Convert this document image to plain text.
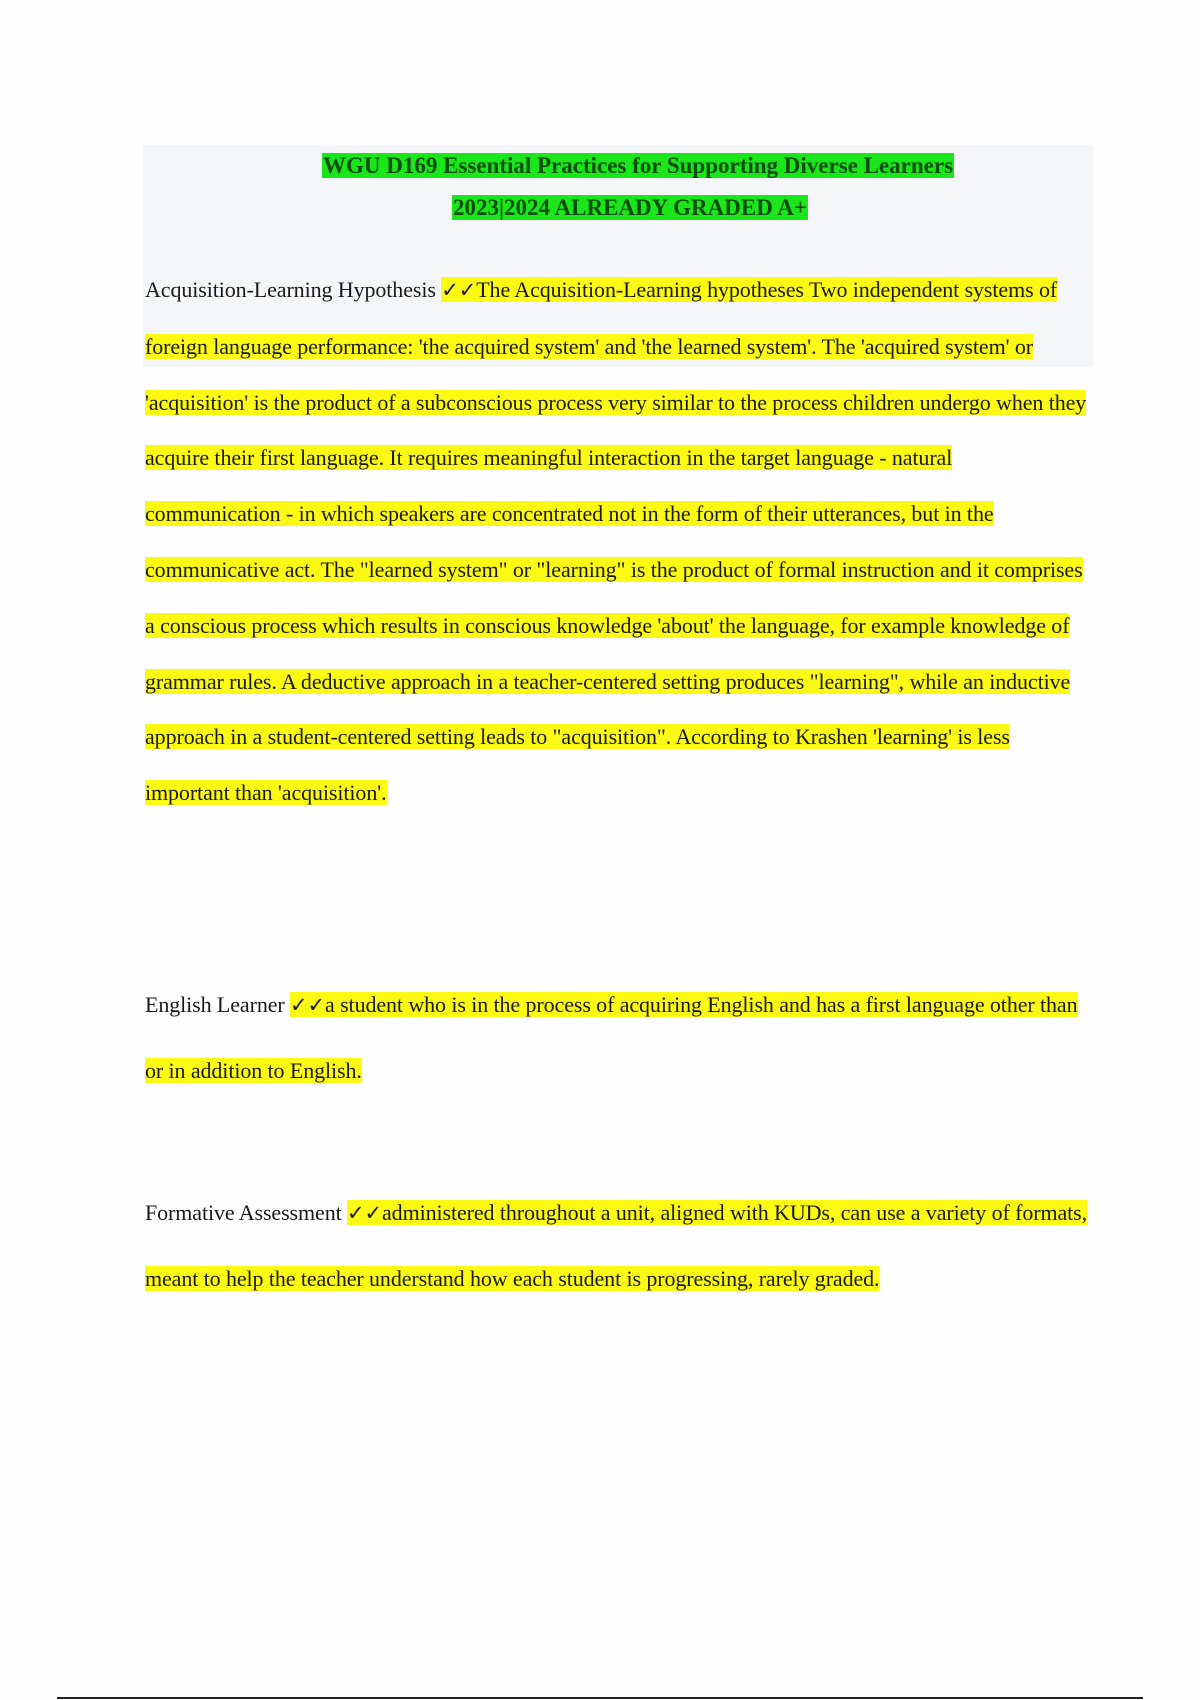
WGU D169 Essential Practices for Supporting Diverse Learners
2023|2024 ALREADY GRADED A+
Acquisition-Learning Hypothesis ✓✓The Acquisition-Learning hypotheses Two independent systems of foreign language performance: 'the acquired system' and 'the learned system'. The 'acquired system' or 'acquisition' is the product of a subconscious process very similar to the process children undergo when they acquire their first language. It requires meaningful interaction in the target language - natural communication - in which speakers are concentrated not in the form of their utterances, but in the communicative act. The "learned system" or "learning" is the product of formal instruction and it comprises a conscious process which results in conscious knowledge 'about' the language, for example knowledge of grammar rules. A deductive approach in a teacher-centered setting produces "learning", while an inductive approach in a student-centered setting leads to "acquisition". According to Krashen 'learning' is less important than 'acquisition'.
English Learner ✓✓a student who is in the process of acquiring English and has a first language other than or in addition to English.
Formative Assessment ✓✓administered throughout a unit, aligned with KUDs, can use a variety of formats, meant to help the teacher understand how each student is progressing, rarely graded.
